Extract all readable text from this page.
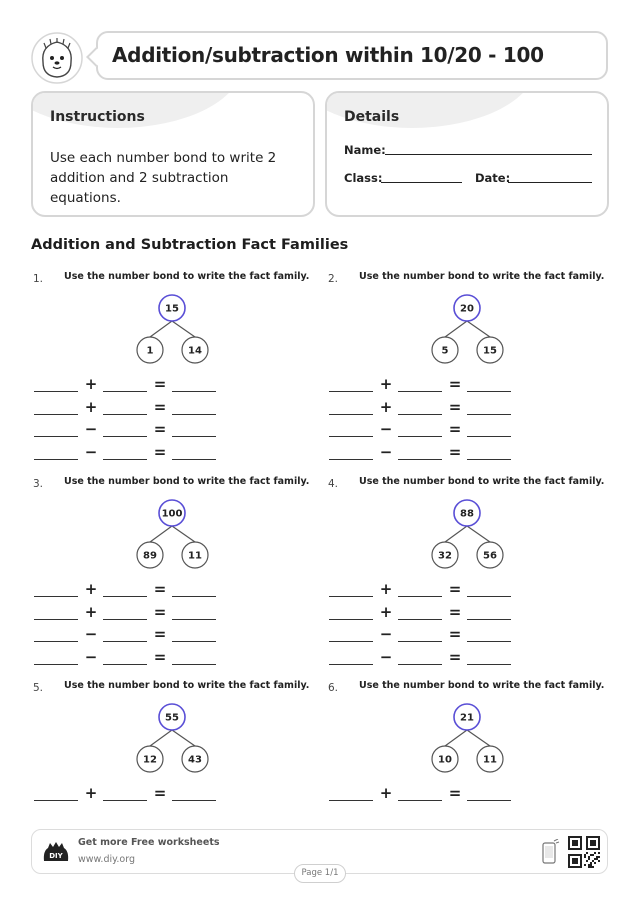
Addition/subtraction within 10/20 - 100
Instructions
Use each number bond to write 2 addition and 2 subtraction equations.
Details
Name:
Class:	Date:
Addition and Subtraction Fact Families
1. Use the number bond to write the fact family.
15
1	14
+	=
+	=
−	=
−	=
2. Use the number bond to write the fact family.
20
5	15
+	=
+	=
−	=
−	=
3. Use the number bond to write the fact family.
100
89	11
+	=
+	=
−	=
−	=
4. Use the number bond to write the fact family.
88
32	56
+	=
+	=
−	=
−	=
5. Use the number bond to write the fact family.
55
12	43
+	=
6. Use the number bond to write the fact family.
21
10	11
+	=
DIY
Get more Free worksheets
www.diy.org
Page 1/1
